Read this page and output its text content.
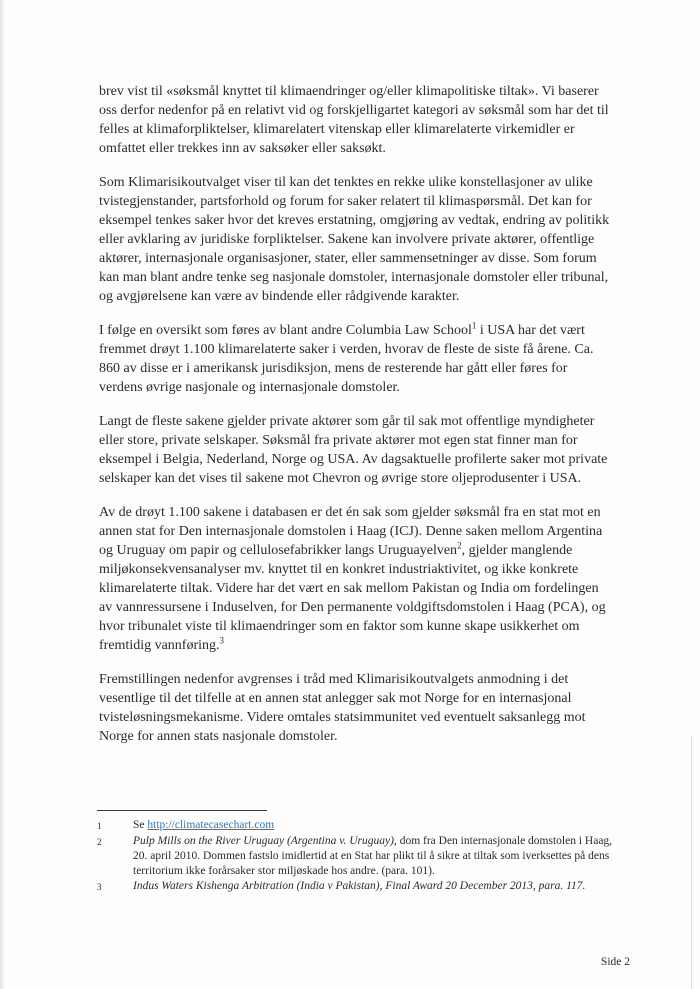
brev vist til «søksmål knyttet til klimaendringer og/eller klimapolitiske tiltak». Vi baserer oss derfor nedenfor på en relativt vid og forskjelligartet kategori av søksmål som har det til felles at klimaforpliktelser, klimarelatert vitenskap eller klimarelaterte virkemidler er omfattet eller trekkes inn av saksøker eller saksøkt.

Som Klimarisikoutvalget viser til kan det tenktes en rekke ulike konstellasjoner av ulike tvistegjenstander, partsforhold og forum for saker relatert til klimaspørsmål. Det kan for eksempel tenkes saker hvor det kreves erstatning, omgjøring av vedtak, endring av politikk eller avklaring av juridiske forpliktelser. Sakene kan involvere private aktører, offentlige aktører, internasjonale organisasjoner, stater, eller sammensetninger av disse. Som forum kan man blant andre tenke seg nasjonale domstoler, internasjonale domstoler eller tribunal, og avgjørelsene kan være av bindende eller rådgivende karakter.

I følge en oversikt som føres av blant andre Columbia Law School$^1$ i USA har det vært fremmet drøyt 1.100 klimarelaterte saker i verden, hvorav de fleste de siste få årene. Ca. 860 av disse er i amerikansk jurisdiksjon, mens de resterende har gått eller føres for verdens øvrige nasjonale og internasjonale domstoler.

Langt de fleste sakene gjelder private aktører som går til sak mot offentlige myndigheter eller store, private selskaper. Søksmål fra private aktører mot egen stat finner man for eksempel i Belgia, Nederland, Norge og USA. Av dagsaktuelle profilerte saker mot private selskaper kan det vises til sakene mot Chevron og øvrige store oljeprodusenter i USA.

Av de drøyt 1.100 sakene i databasen er det én sak som gjelder søksmål fra en stat mot en annen stat for Den internasjonale domstolen i Haag (ICJ). Denne saken mellom Argentina og Uruguay om papir og cellulosefabrikker langs Uruguayelven$^2$, gjelder manglende miljøkonsekvensanalyser mv. knyttet til en konkret industriaktivitet, og ikke konkrete klimarelaterte tiltak. Videre har det vært en sak mellom Pakistan og India om fordelingen av vannressursene i Induselven, for Den permanente voldgiftsdomstolen i Haag (PCA), og hvor tribunalet viste til klimaendringer som en faktor som kunne skape usikkerhet om fremtidig vannføring.$^3$

Fremstillingen nedenfor avgrenses i tråd med Klimarisikoutvalgets anmodning i det vesentlige til det tilfelle at en annen stat anlegger sak mot Norge for en internasjonal tvisteløsningsmekanisme. Videre omtales statsimmunitet ved eventuelt saksanlegg mot Norge for annen stats nasjonale domstoler.

1	Se http://climatecasechart.com
2	Pulp Mills on the River Uruguay (Argentina v. Uruguay), dom fra Den internasjonale domstolen i Haag, 20. april 2010. Dommen fastslo imidlertid at en Stat har plikt til å sikre at tiltak som iverksettes på dens territorium ikke forårsaker stor miljøskade hos andre. (para. 101).
3	Indus Waters Kishenga Arbitration (India v Pakistan), Final Award 20 December 2013, para. 117.
Side 2
